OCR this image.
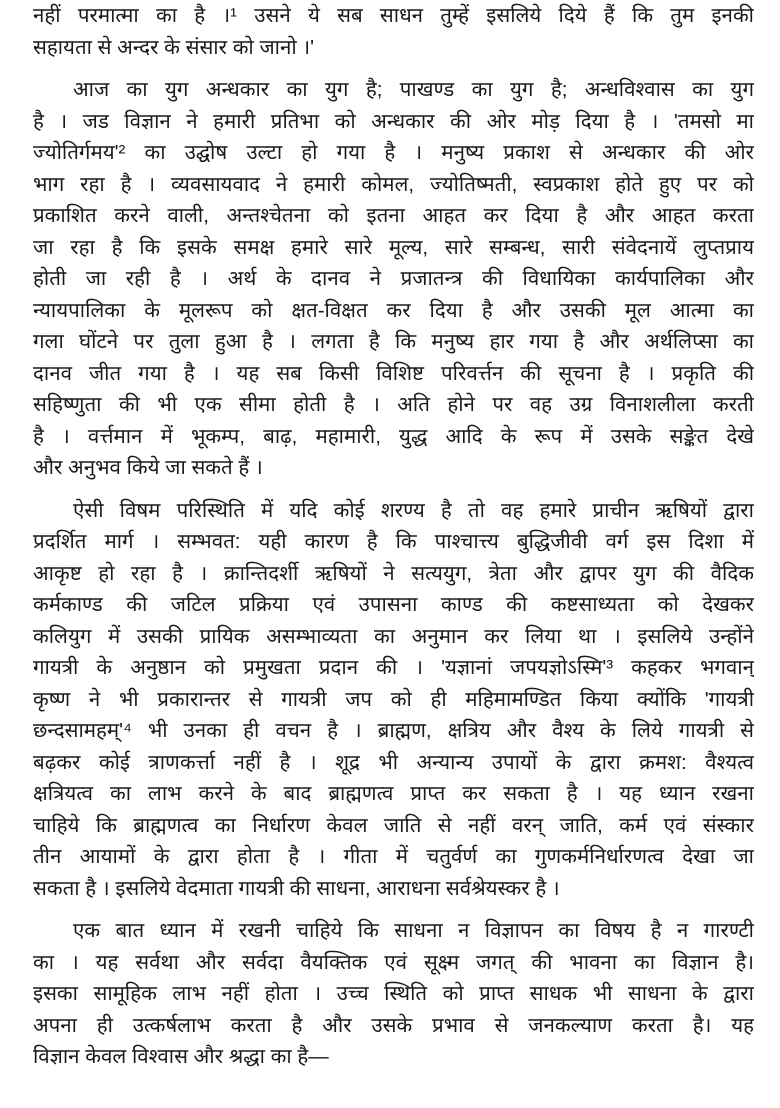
नहीं परमात्मा का है ।¹ उसने ये सब साधन तुम्हें इसलिये दिये हैं कि तुम इनकी
सहायता से अन्दर के संसार को जानो ।'
आज का युग अन्धकार का युग है; पाखण्ड का युग है; अन्धविश्वास का युग
है । जड विज्ञान ने हमारी प्रतिभा को अन्धकार की ओर मोड़ दिया है । 'तमसो मा
ज्योतिर्गमय'² का उद्घोष उल्टा हो गया है । मनुष्य प्रकाश से अन्धकार की ओर
भाग रहा है । व्यवसायवाद ने हमारी कोमल, ज्योतिष्मती, स्वप्रकाश होते हुए पर को
प्रकाशित करने वाली, अन्तश्चेतना को इतना आहत कर दिया है और आहत करता
जा रहा है कि इसके समक्ष हमारे सारे मूल्य, सारे सम्बन्ध, सारी संवेदनायें लुप्तप्राय
होती जा रही है । अर्थ के दानव ने प्रजातन्त्र की विधायिका कार्यपालिका और
न्यायपालिका के मूलरूप को क्षत-विक्षत कर दिया है और उसकी मूल आत्मा का
गला घोंटने पर तुला हुआ है । लगता है कि मनुष्य हार गया है और अर्थलिप्सा का
दानव जीत गया है । यह सब किसी विशिष्ट परिवर्त्तन की सूचना है । प्रकृति की
सहिष्णुता की भी एक सीमा होती है । अति होने पर वह उग्र विनाशलीला करती
है । वर्त्तमान में भूकम्प, बाढ़, महामारी, युद्ध आदि के रूप में उसके सङ्केत देखे
और अनुभव किये जा सकते हैं ।
ऐसी विषम परिस्थिति में यदि कोई शरण्य है तो वह हमारे प्राचीन ऋषियों द्वारा
प्रदर्शित मार्ग । सम्भवत: यही कारण है कि पाश्चात्त्य बुद्धिजीवी वर्ग इस दिशा में
आकृष्ट हो रहा है । क्रान्तिदर्शी ऋषियों ने सत्ययुग, त्रेता और द्वापर युग की वैदिक
कर्मकाण्ड की जटिल प्रक्रिया एवं उपासना काण्ड की कष्टसाध्यता को देखकर
कलियुग में उसकी प्रायिक असम्भाव्यता का अनुमान कर लिया था । इसलिये उन्होंने
गायत्री के अनुष्ठान को प्रमुखता प्रदान की । 'यज्ञानां जपयज्ञोऽस्मि'³ कहकर भगवान्
कृष्ण ने भी प्रकारान्तर से गायत्री जप को ही महिमामण्डित किया क्योंकि 'गायत्री
छन्दसामहम्'⁴ भी उनका ही वचन है । ब्राह्मण, क्षत्रिय और वैश्य के लिये गायत्री से
बढ़कर कोई त्राणकर्त्ता नहीं है । शूद्र भी अन्यान्य उपायों के द्वारा क्रमश: वैश्यत्व
क्षत्रियत्व का लाभ करने के बाद ब्राह्मणत्व प्राप्त कर सकता है । यह ध्यान रखना
चाहिये कि ब्राह्मणत्व का निर्धारण केवल जाति से नहीं वरन् जाति, कर्म एवं संस्कार
तीन आयामों के द्वारा होता है । गीता में चतुर्वर्ण का गुणकर्मनिर्धारणत्व देखा जा
सकता है । इसलिये वेदमाता गायत्री की साधना, आराधना सर्वश्रेयस्कर है ।
एक बात ध्यान में रखनी चाहिये कि साधना न विज्ञापन का विषय है न गारण्टी
का । यह सर्वथा और सर्वदा वैयक्तिक एवं सूक्ष्म जगत् की भावना का विज्ञान है।
इसका सामूहिक लाभ नहीं होता । उच्च स्थिति को प्राप्त साधक भी साधना के द्वारा
अपना ही उत्कर्षलाभ करता है और उसके प्रभाव से जनकल्याण करता है। यह
विज्ञान केवल विश्वास और श्रद्धा का है—
